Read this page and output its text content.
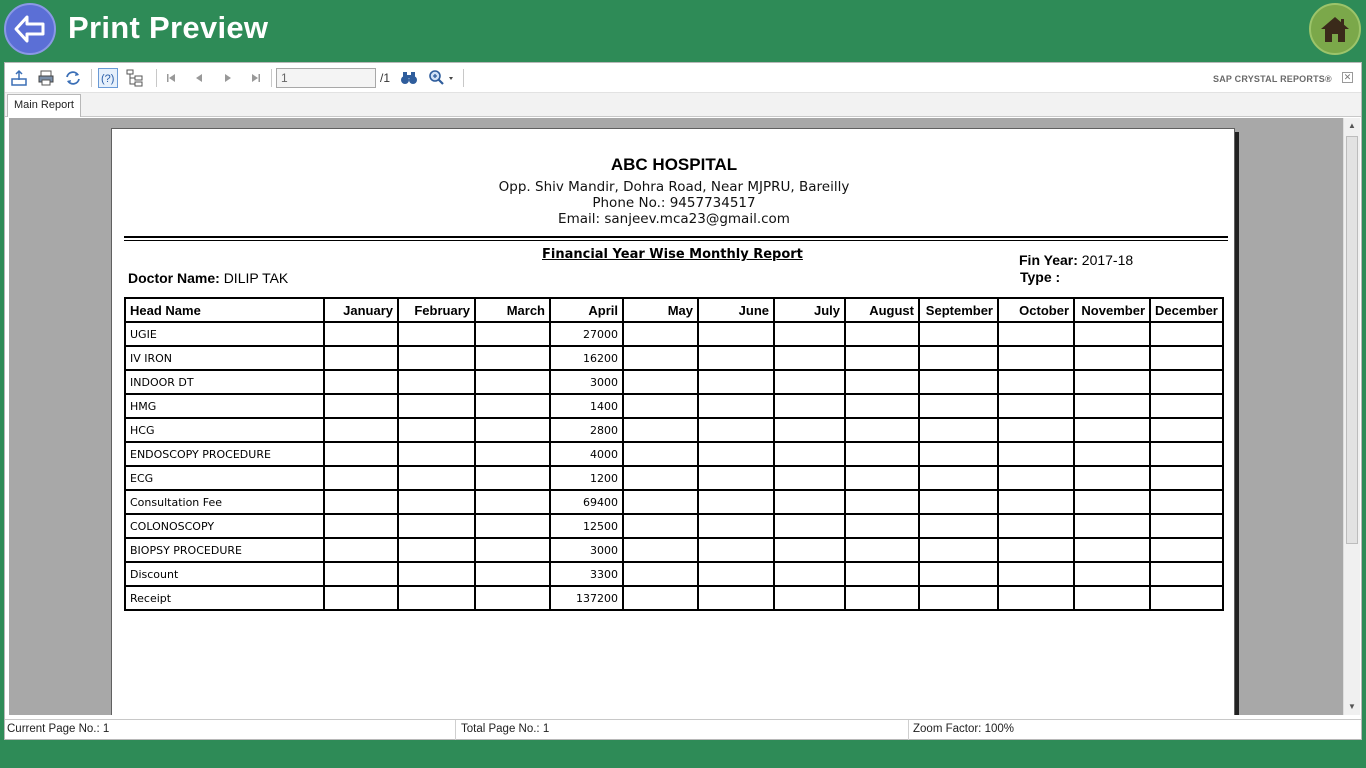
Print Preview
(?)
1	/1	SAP CRYSTAL REPORTS® ✕
Main Report
ABC HOSPITAL
Opp. Shiv Mandir, Dohra Road, Near MJPRU, Bareilly
Phone No.: 9457734517
Email: sanjeev.mca23@gmail.com
Financial Year Wise Monthly Report
Doctor Name: DILIP TAK
Fin Year: 2017-18
Type :
Head Name	January	February	March	April	May	June	July	August	September	October	November	December
UGIE				27000								
IV IRON				16200								
INDOOR DT				3000								
HMG				1400								
HCG				2800								
ENDOSCOPY PROCEDURE				4000								
ECG				1200								
Consultation Fee				69400								
COLONOSCOPY				12500								
BIOPSY PROCEDURE				3000								
Discount				3300								
Receipt				137200								
▲
▼
Current Page No.: 1	Total Page No.: 1	Zoom Factor: 100%
